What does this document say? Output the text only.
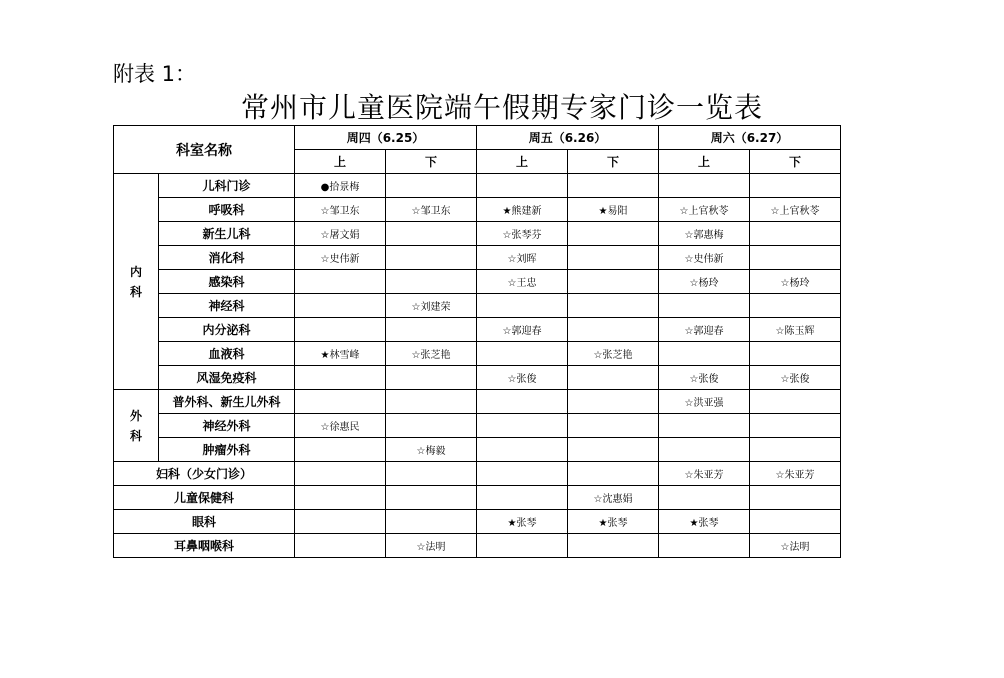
附表 1：
常州市儿童医院端午假期专家门诊一览表
科室名称		周四（6.25）		周五（6.26）		周六（6.27）	
		上	下	上	下	上	下
内
科	儿科门诊	●拾景梅					
	呼吸科	☆邹卫东	☆邹卫东	★熊建新	★易阳	☆上官秋苓	☆上官秋苓
	新生儿科	☆屠文娟		☆张琴芬		☆郭惠梅	
	消化科	☆史伟新		☆刘晖		☆史伟新	
	感染科			☆王忠		☆杨玲	☆杨玲
	神经科		☆刘建荣				
	内分泌科			☆郭迎春		☆郭迎春	☆陈玉辉
	血液科	★林雪峰	☆张芝艳		☆张芝艳		
	风湿免疫科			☆张俊		☆张俊	☆张俊
外
科	普外科、新生儿外科					☆洪亚强	
	神经外科	☆徐惠民					
	肿瘤外科		☆梅毅				
妇科（少女门诊）						☆朱亚芳	☆朱亚芳
儿童保健科					☆沈惠娟		
眼科				★张琴	★张琴	★张琴	
耳鼻咽喉科			☆法明				☆法明
